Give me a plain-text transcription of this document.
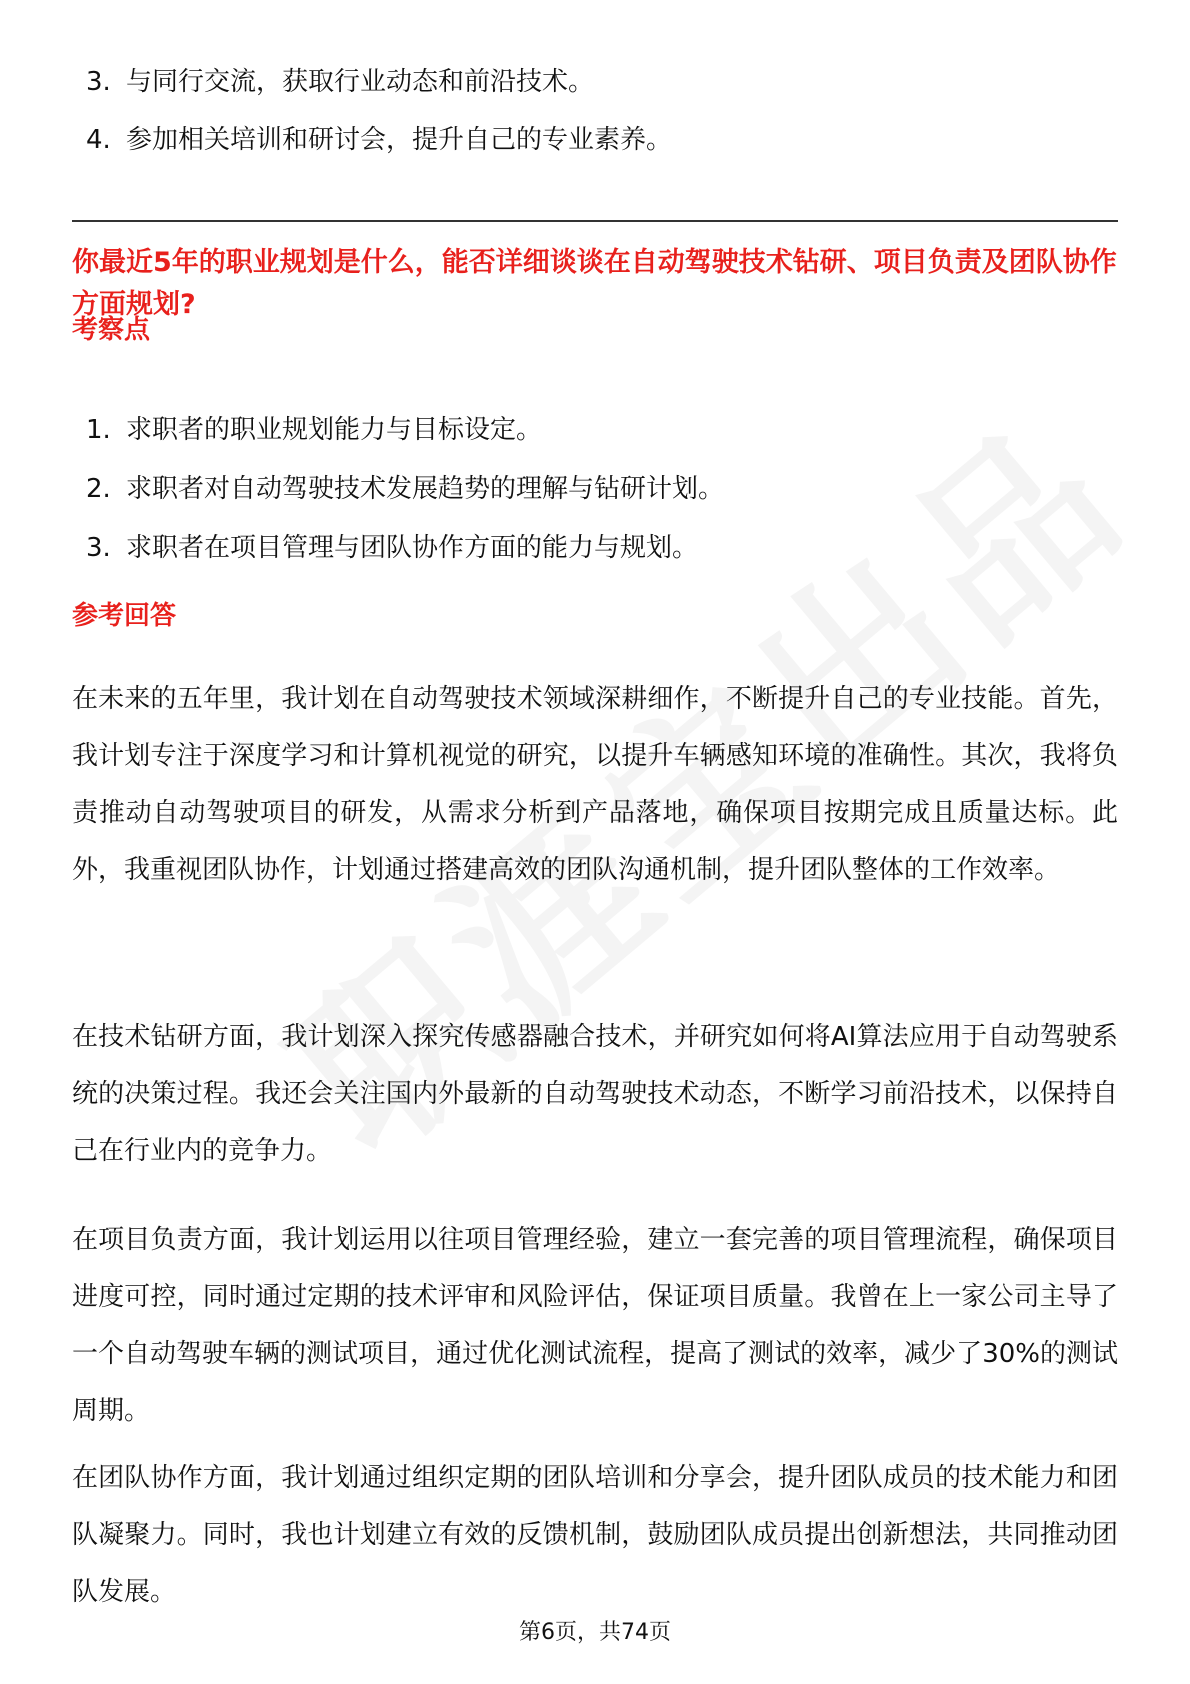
3. 与同行交流，获取行业动态和前沿技术。
4. 参加相关培训和研讨会，提升自己的专业素养。
你最近5年的职业规划是什么，能否详细谈谈在自动驾驶技术钻研、项目负责及团队协作方面规划?
考察点
1. 求职者的职业规划能力与目标设定。
2. 求职者对自动驾驶技术发展趋势的理解与钻研计划。
3. 求职者在项目管理与团队协作方面的能力与规划。
参考回答

在未来的五年里，我计划在自动驾驶技术领域深耕细作，不断提升自己的专业技能。首先，我计划专注于深度学习和计算机视觉的研究，以提升车辆感知环境的准确性。其次，我将负责推动自动驾驶项目的研发，从需求分析到产品落地，确保项目按期完成且质量达标。此外，我重视团队协作，计划通过搭建高效的团队沟通机制，提升团队整体的工作效率。

在技术钻研方面，我计划深入探究传感器融合技术，并研究如何将AI算法应用于自动驾驶系统的决策过程。我还会关注国内外最新的自动驾驶技术动态，不断学习前沿技术，以保持自己在行业内的竞争力。

在项目负责方面，我计划运用以往项目管理经验，建立一套完善的项目管理流程，确保项目进度可控，同时通过定期的技术评审和风险评估，保证项目质量。我曾在上一家公司主导了一个自动驾驶车辆的测试项目，通过优化测试流程，提高了测试的效率，减少了30%的测试周期。

在团队协作方面，我计划通过组织定期的团队培训和分享会，提升团队成员的技术能力和团队凝聚力。同时，我也计划建立有效的反馈机制，鼓励团队成员提出创新想法，共同推动团队发展。

第6页，共74页
